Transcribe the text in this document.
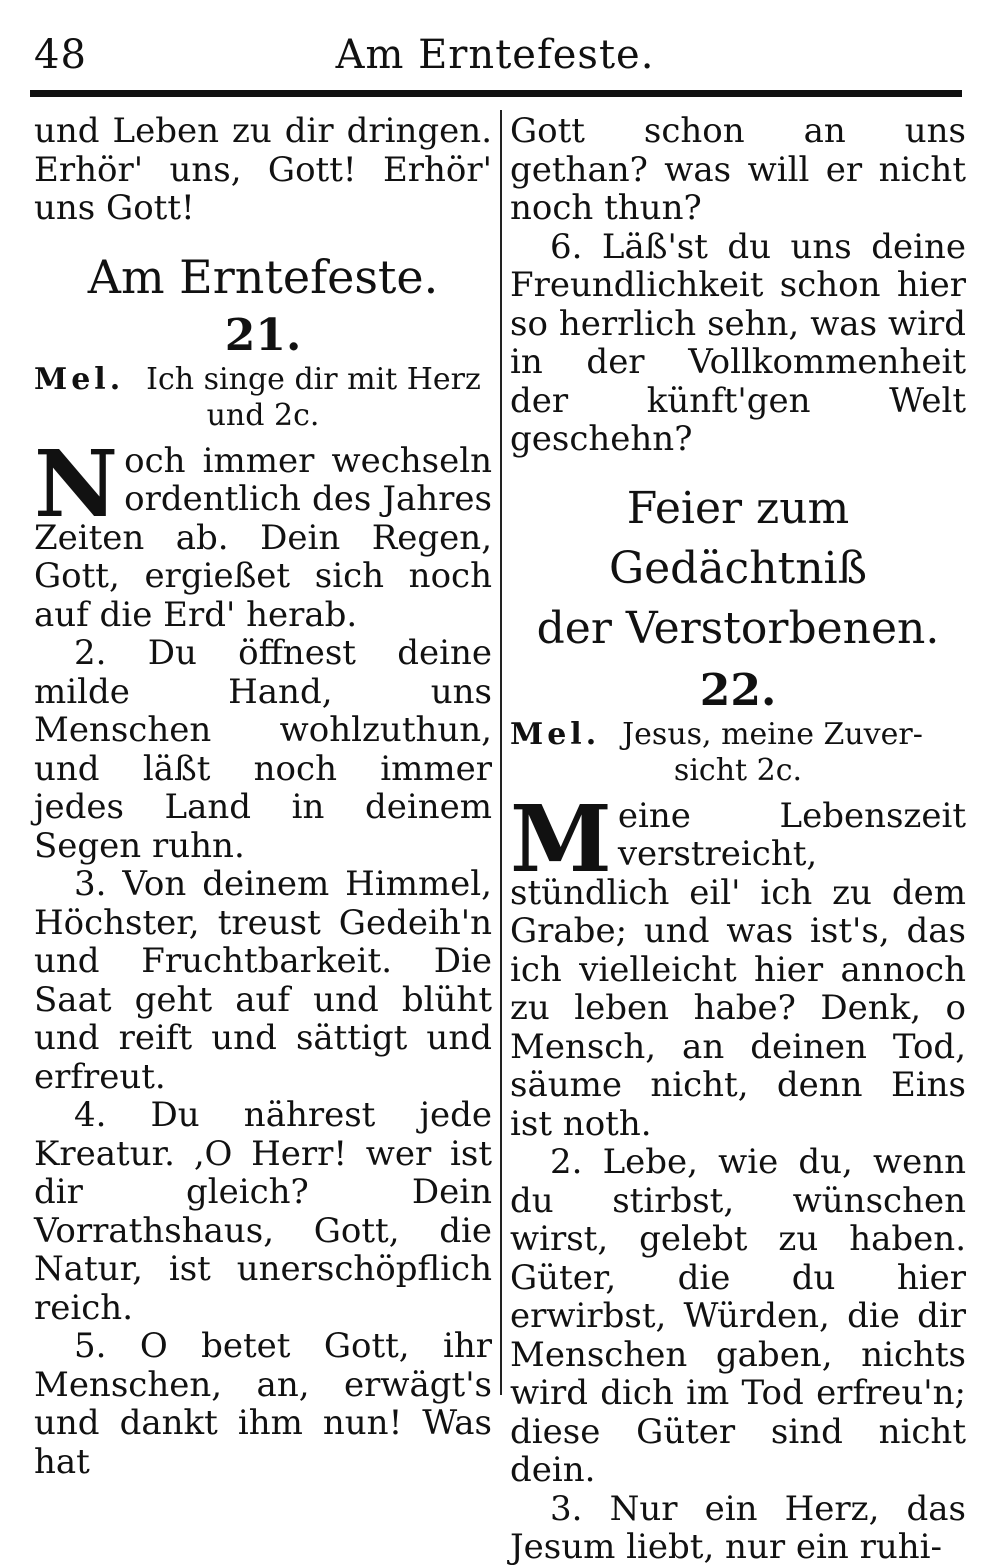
48	Am Erntefeste.

und Leben zu dir dringen. Erhör' uns, Gott! Erhör' uns Gott!

Am Erntefeste.
21.
Mel. Ich singe dir mit Herz
und 2c.

Noch immer wechseln ordentlich des Jahres Zeiten ab. Dein Regen, Gott, ergießet sich noch auf die Erd' herab.

2. Du öffnest deine milde Hand, uns Menschen wohlzuthun, und läßt noch immer jedes Land in deinem Segen ruhn.

3. Von deinem Himmel, Höchster, treust Gedeih'n und Fruchtbarkeit. Die Saat geht auf und blüht und reift und sättigt und erfreut.

4. Du nährest jede Kreatur. ‚O Herr! wer ist dir gleich? Dein Vorrathshaus, Gott, die Natur, ist unerschöpflich reich.

5. O betet Gott, ihr Menschen, an, erwägt's und dankt ihm nun! Was hat

Gott schon an uns gethan? was will er nicht noch thun?

6. Läß'st du uns deine Freundlichkeit schon hier so herrlich sehn, was wird in der Vollkommenheit der künft'gen Welt geschehn?

Feier zum Gedächtniß
der Verstorbenen.
22.
Mel. Jesus, meine Zuver-
sicht 2c.

Meine Lebenszeit verstreicht, stündlich eil' ich zu dem Grabe; und was ist's, das ich vielleicht hier annoch zu leben habe? Denk, o Mensch, an deinen Tod, säume nicht, denn Eins ist noth.

2. Lebe, wie du, wenn du stirbst, wünschen wirst, gelebt zu haben. Güter, die du hier erwirbst, Würden, die dir Menschen gaben, nichts wird dich im Tod erfreu'n; diese Güter sind nicht dein.

3. Nur ein Herz, das Jesum liebt, nur ein ruhi-
